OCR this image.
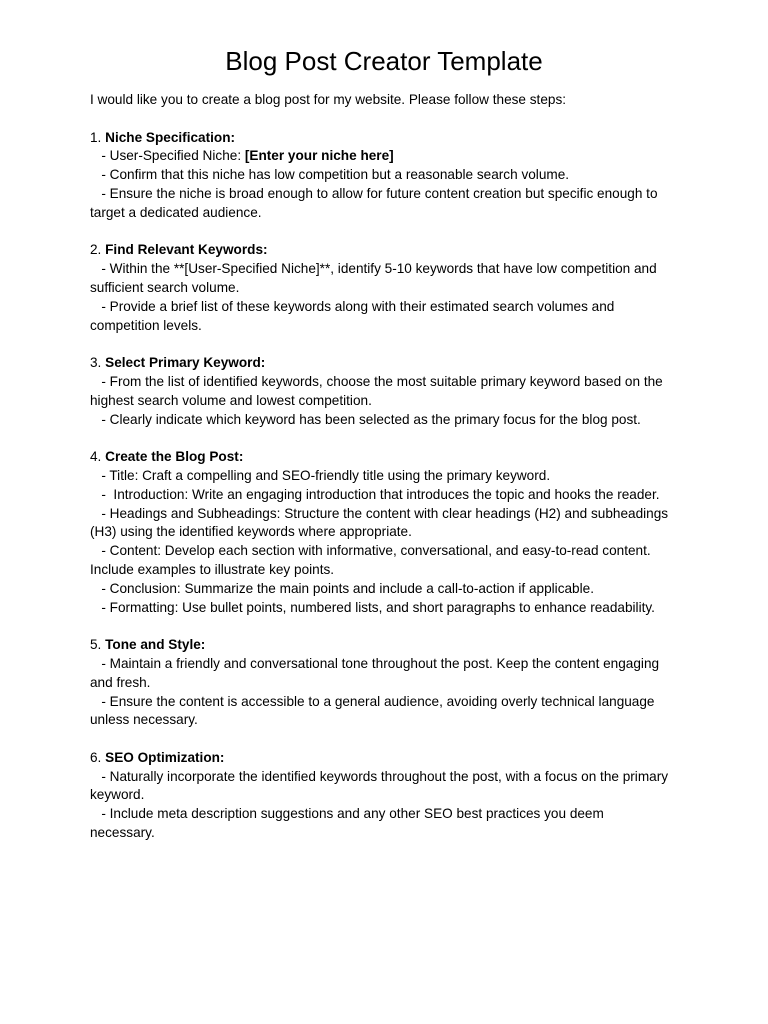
Blog Post Creator Template
I would like you to create a blog post for my website. Please follow these steps:
1. Niche Specification:
- User-Specified Niche: [Enter your niche here]
- Confirm that this niche has low competition but a reasonable search volume.
- Ensure the niche is broad enough to allow for future content creation but specific enough to
target a dedicated audience.
2. Find Relevant Keywords:
- Within the **[User-Specified Niche]**, identify 5-10 keywords that have low competition and
sufficient search volume.
- Provide a brief list of these keywords along with their estimated search volumes and
competition levels.
3. Select Primary Keyword:
- From the list of identified keywords, choose the most suitable primary keyword based on the
highest search volume and lowest competition.
- Clearly indicate which keyword has been selected as the primary focus for the blog post.
4. Create the Blog Post:
- Title: Craft a compelling and SEO-friendly title using the primary keyword.
-  Introduction: Write an engaging introduction that introduces the topic and hooks the reader.
- Headings and Subheadings: Structure the content with clear headings (H2) and subheadings
(H3) using the identified keywords where appropriate.
- Content: Develop each section with informative, conversational, and easy-to-read content.
Include examples to illustrate key points.
- Conclusion: Summarize the main points and include a call-to-action if applicable.
- Formatting: Use bullet points, numbered lists, and short paragraphs to enhance readability.
5. Tone and Style:
- Maintain a friendly and conversational tone throughout the post. Keep the content engaging
and fresh.
- Ensure the content is accessible to a general audience, avoiding overly technical language
unless necessary.
6. SEO Optimization:
- Naturally incorporate the identified keywords throughout the post, with a focus on the primary
keyword.
- Include meta description suggestions and any other SEO best practices you deem
necessary.
